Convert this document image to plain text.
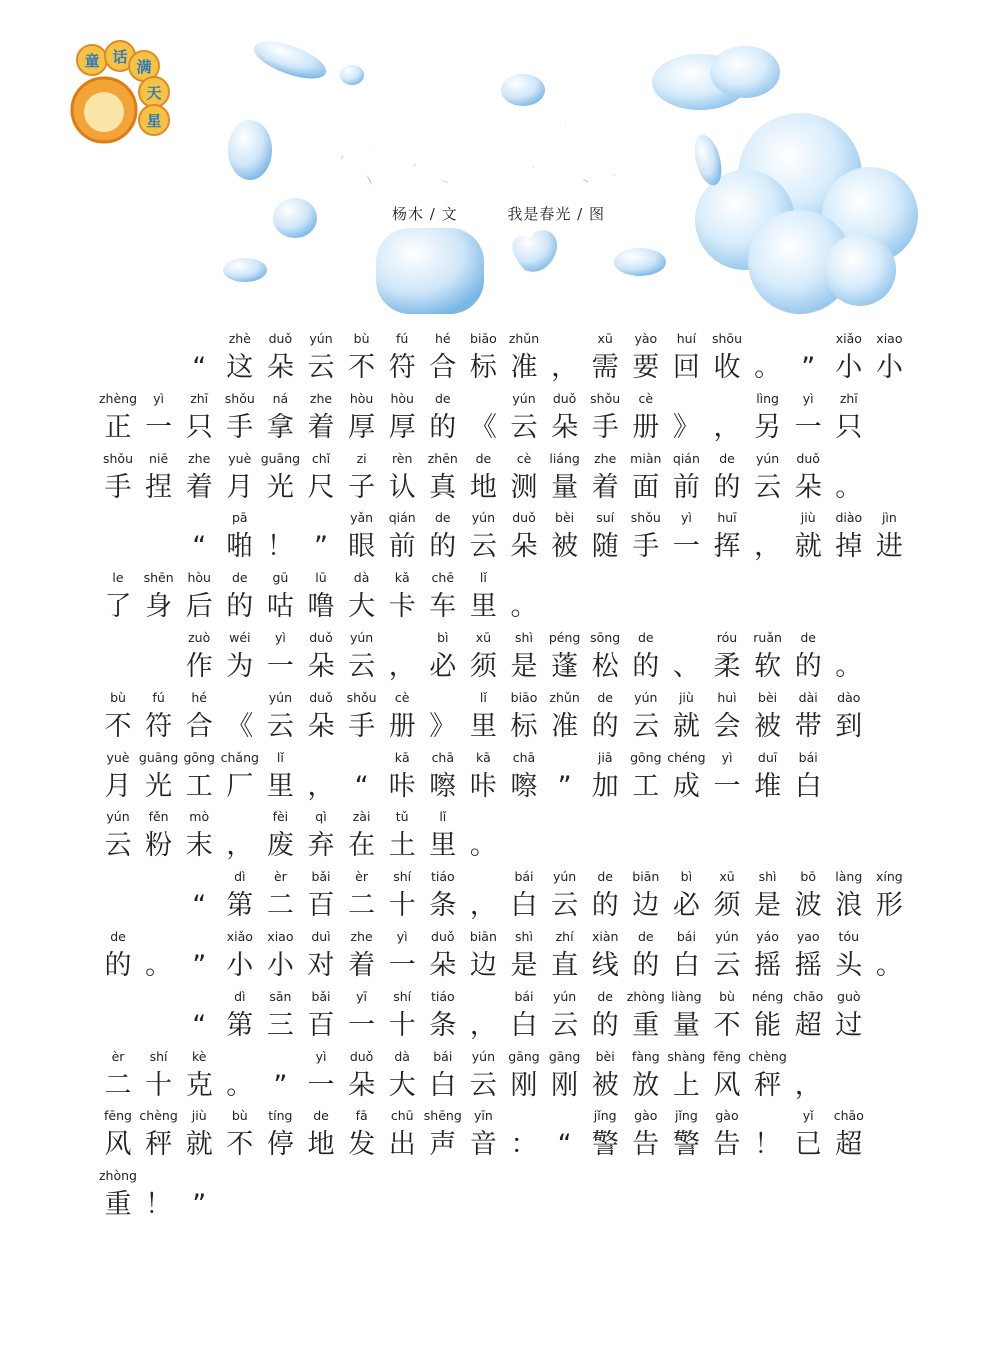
云 朵 回 收 记
童 话
满
天
星
杨木 / 文	我是春光 / 图
“
zhè
这
duǒ
朵
yún
云
bù
不
fú
符
hé
合
biāo
标
zhǔn
准 ，
xū
需
yào
要
huí
回
shōu
收 。 ”
xiǎo
小
xiao
小
zhèng
正
yì
一
zhī
只
shǒu
手
ná
拿
zhe
着
hòu
厚
hòu
厚
de
的 《
yún
云
duǒ
朵
shǒu
手
cè
册 》 ，
lìng
另
yì
一
zhī
只
shǒu
手
niē
捏
zhe
着
yuè
月
guāng
光
chǐ
尺
zi
子
rèn
认
zhēn
真
de
地
cè
测
liáng
量
zhe
着
miàn
面
qián
前
de
的
yún
云
duǒ
朵 。
“
pā
啪 ！ ”
yǎn
眼
qián
前
de
的
yún
云
duǒ
朵
bèi
被
suí
随
shǒu
手
yì
一
huī
挥 ，
jiù
就
diào
掉
jìn
进
le
了
shēn
身
hòu
后
de
的
gū
咕
lū
噜
dà
大
kǎ
卡
chē
车
lǐ
里 。
zuò
作
wéi
为
yì
一
duǒ
朵
yún
云 ，
bì
必
xū
须
shì
是
péng
蓬
sōng
松
de
的 、
róu
柔
ruǎn
软
de
的 。
bù
不
fú
符
hé
合 《
yún
云
duǒ
朵
shǒu
手
cè
册 》
lǐ
里
biāo
标
zhǔn
准
de
的
yún
云
jiù
就
huì
会
bèi
被
dài
带
dào
到
yuè
月
guāng
光
gōng
工
chǎng
厂
lǐ
里 ， “
kā
咔
chā
嚓
kā
咔
chā
嚓 ”
jiā
加
gōng
工
chéng
成
yì
一
duī
堆
bái
白
yún
云
fěn
粉
mò
末 ，
fèi
废
qì
弃
zài
在
tǔ
土
lǐ
里 。
“
dì
第
èr
二
bǎi
百
èr
二
shí
十
tiáo
条 ，
bái
白
yún
云
de
的
biān
边
bì
必
xū
须
shì
是
bō
波
làng
浪
xíng
形
de
的 。 ”
xiǎo
小
xiao
小
duì
对
zhe
着
yì
一
duǒ
朵
biān
边
shì
是
zhí
直
xiàn
线
de
的
bái
白
yún
云
yáo
摇
yao
摇
tóu
头 。
“
dì
第
sān
三
bǎi
百
yī
一
shí
十
tiáo
条 ，
bái
白
yún
云
de
的
zhòng
重
liàng
量
bù
不
néng
能
chāo
超
guò
过
èr
二
shí
十
kè
克 。 ”
yì
一
duǒ
朵
dà
大
bái
白
yún
云
gāng
刚
gāng
刚
bèi
被
fàng
放
shàng
上
fēng
风
chèng
秤 ，
fēng
风
chèng
秤
jiù
就
bù
不
tíng
停
de
地
fā
发
chū
出
shēng
声
yīn
音 ： “
jǐng
警
gào
告
jǐng
警
gào
告 ！
yǐ
已
chāo
超
zhòng
重 ！ ”
